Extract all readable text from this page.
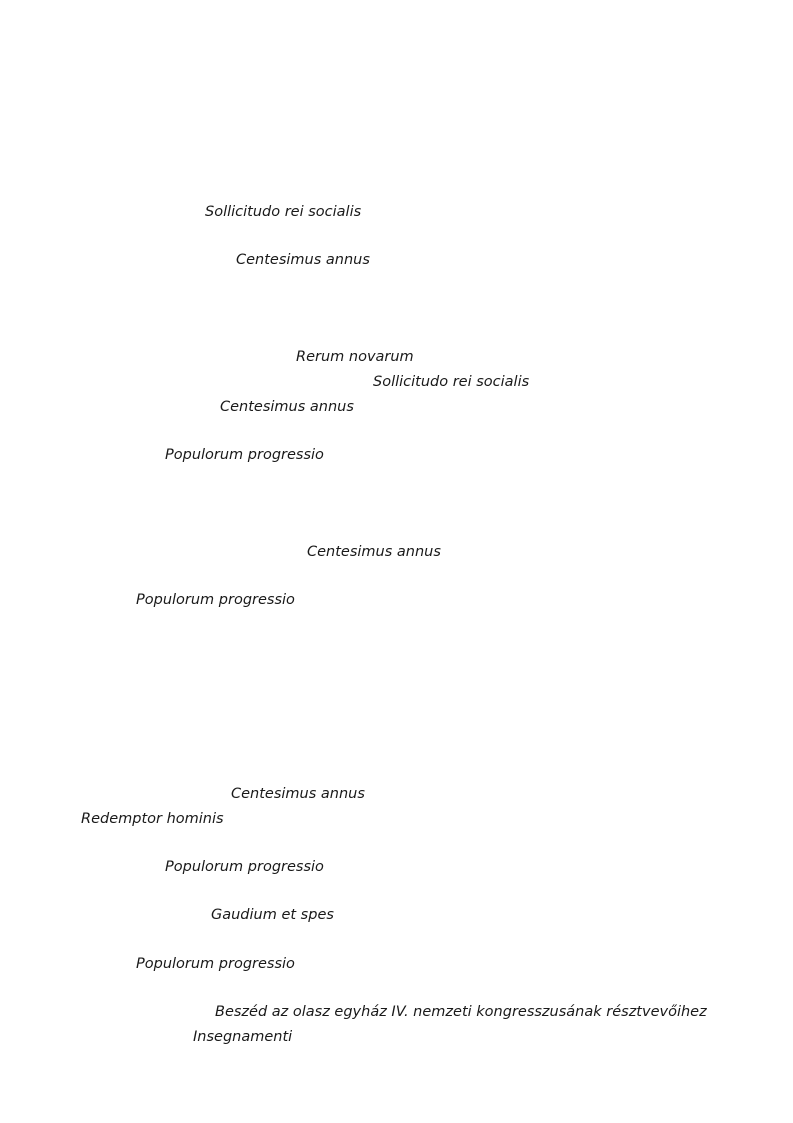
Sollicitudo rei socialis
Centesimus annus
Rerum novarum
Sollicitudo rei socialis
Centesimus annus
Populorum progressio
Centesimus annus
Populorum progressio
Centesimus annus
Redemptor hominis
Populorum progressio
Gaudium et spes
Populorum progressio
Beszéd az olasz egyház IV. nemzeti kongresszusának résztvevőihez
Insegnamenti
